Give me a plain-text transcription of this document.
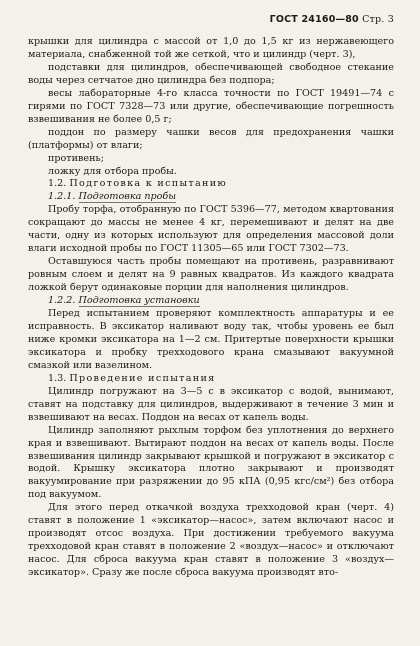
ГОСТ 24160—80 Стр. 3

крышки для цилиндра с массой от 1,0 до 1,5 кг из нержавеющего материала, снабженной той же сеткой, что и цилиндр (черт. 3),

подставки для цилиндров, обеспечивающей свободное стекание воды через сетчатое дно цилиндра без подпора;

весы лабораторные 4-го класса точности по ГОСТ 19491—74 с гирями по ГОСТ 7328—73 или другие, обеспечивающие погрешность взвешивания не более 0,5 г;

поддон по размеру чашки весов для предохранения чашки (платформы) от влаги;

противень;

ложку для отбора пробы.

1.2. Подготовка к испытанию

1.2.1. Подготовка пробы

Пробу торфа, отобранную по ГОСТ 5396—77, методом квартования сокращают до массы не менее 4 кг, перемешивают и делят на две части, одну из которых используют для определения массовой доли влаги исходной пробы по ГОСТ 11305—65 или ГОСТ 7302—73.

Оставшуюся часть пробы помещают на противень, разравнивают ровным слоем и делят на 9 равных квадратов. Из каждого квадрата ложкой берут одинаковые порции для наполнения цилиндров.

1.2.2. Подготовка установки

Перед испытанием проверяют комплектность аппаратуры и ее исправность. В эксикатор наливают воду так, чтобы уровень ее был ниже кромки эксикатора на 1—2 см. Притертые поверхности крышки эксикатора и пробку трехходового крана смазывают вакуумной смазкой или вазелином.

1.3. Проведение испытания

Цилиндр погружают на 3—5 с в эксикатор с водой, вынимают, ставят на подставку для цилиндров, выдерживают в течение 3 мин и взвешивают на весах. Поддон на весах от капель воды.

Цилиндр заполняют рыхлым торфом без уплотнения до верхнего края и взвешивают. Вытирают поддон на весах от капель воды. После взвешивания цилиндр закрывают крышкой и погружают в эксикатор с водой. Крышку эксикатора плотно закрывают и производят вакуумирование при разряжении до 95 кПА (0,95 кгс/см²) без отбора под вакуумом.

Для этого перед откачкой воздуха трехходовой кран (черт. 4) ставят в положение 1 «эксикатор—насос», затем включают насос и производят отсос воздуха. При достижении требуемого вакуума трехходовой кран ставят в положение 2 «воздух—насос» и отключают насос. Для сброса вакуума кран ставят в положение 3 «воздух—эксикатор». Сразу же после сброса вакуума производят вто-
